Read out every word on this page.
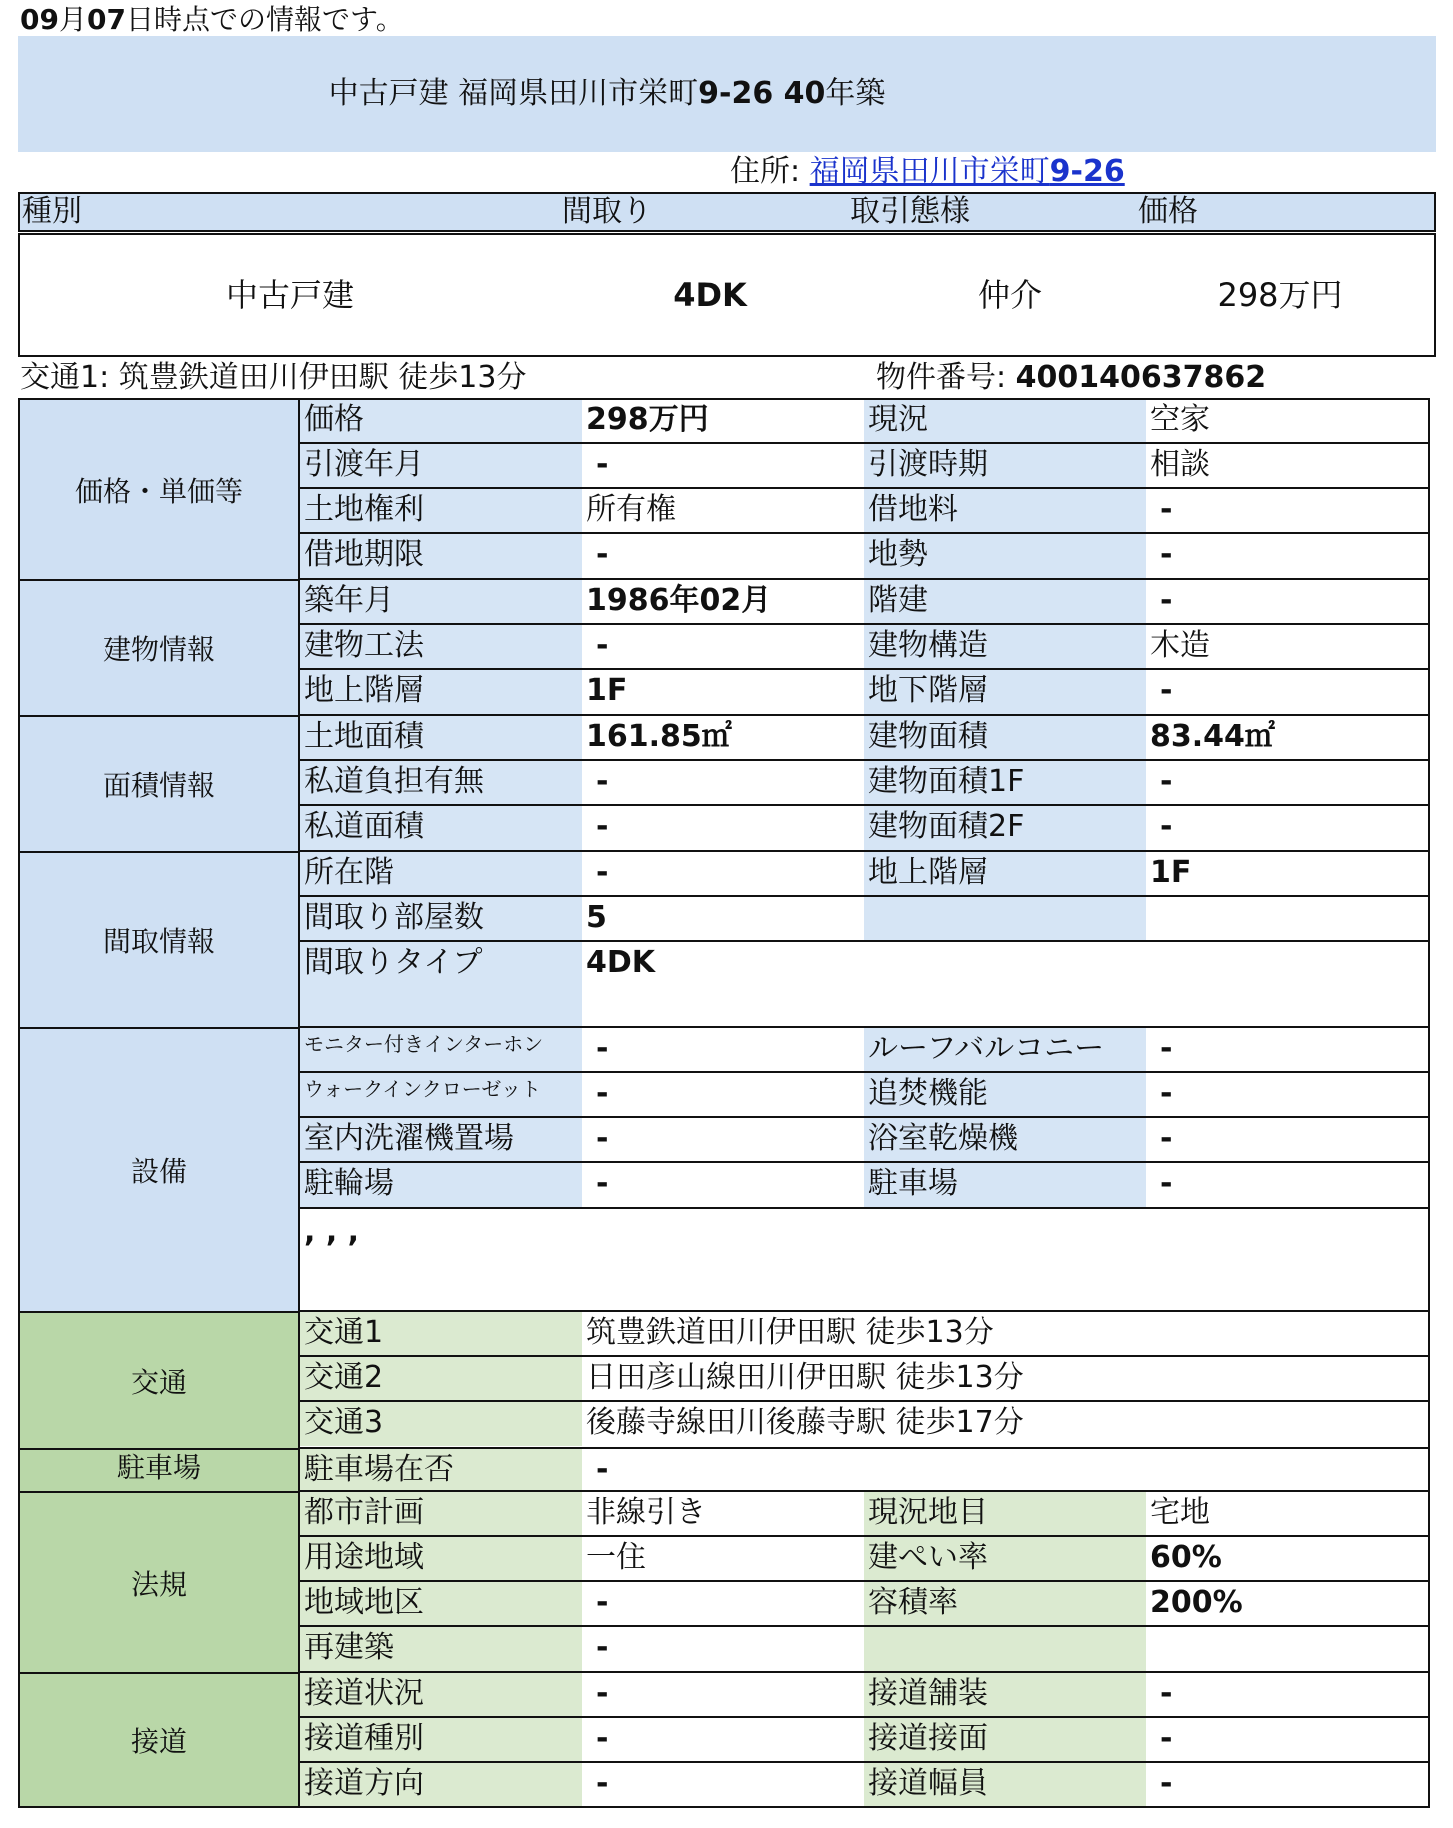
09月07日時点での情報です。
中古戸建 福岡県田川市栄町9-26 40年築
住所: 福岡県田川市栄町9-26
種別	間取り	取引態様	価格
中古戸建	4DK	仲介	298万円
交通1: 筑豊鉄道田川伊田駅 徒歩13分	物件番号: 400140637862
価格・単価等
価格	298万円	現況	空家
引渡年月	-	引渡時期	相談
土地権利	所有権	借地料	-
借地期限	-	地勢	-
建物情報
築年月	1986年02月	階建	-
建物工法	-	建物構造	木造
地上階層	1F	地下階層	-
面積情報
土地面積	161.85㎡	建物面積	83.44㎡
私道負担有無	-	建物面積1F	-
私道面積	-	建物面積2F	-
間取情報
所在階	-	地上階層	1F
間取り部屋数	5
間取りタイプ	4DK
設備
モニター付きインターホン	-	ルーフバルコニー	-
ウォークインクローゼット	-	追焚機能	-
室内洗濯機置場	-	浴室乾燥機	-
駐輪場	-	駐車場	-
, , ,
交通
交通1	筑豊鉄道田川伊田駅 徒歩13分
交通2	日田彦山線田川伊田駅 徒歩13分
交通3	後藤寺線田川後藤寺駅 徒歩17分
駐車場	駐車場在否	-
法規
都市計画	非線引き	現況地目	宅地
用途地域	一住	建ぺい率	60%
地域地区	-	容積率	200%
再建築	-
接道
接道状況	-	接道舗装	-
接道種別	-	接道接面	-
接道方向	-	接道幅員	-
